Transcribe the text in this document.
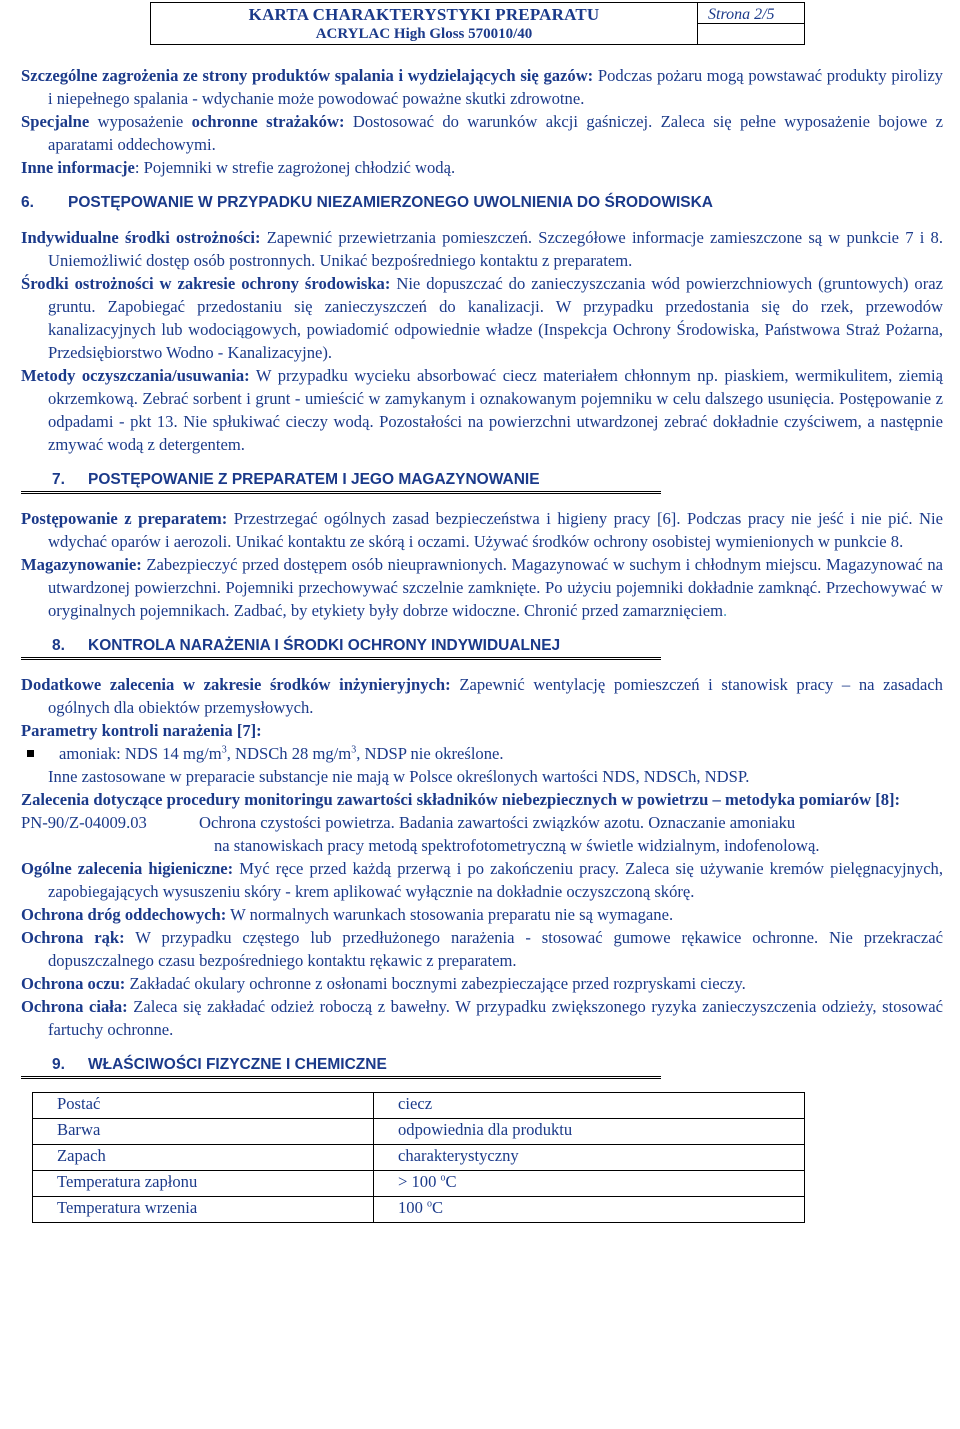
KARTA CHARAKTERYSTYKI PREPARATU
ACRYLAC High Gloss 570010/40
Strona 2/5

Szczególne zagrożenia ze strony produktów spalania i wydzielających się gazów: Podczas pożaru mogą powstawać produkty pirolizy i niepełnego spalania - wdychanie może powodować poważne skutki zdrowotne.

Specjalne wyposażenie ochronne strażaków: Dostosować do warunków akcji gaśniczej. Zaleca się pełne wyposażenie bojowe z aparatami oddechowymi.

Inne informacje: Pojemniki w strefie zagrożonej chłodzić wodą.

6. POSTĘPOWANIE W PRZYPADKU NIEZAMIERZONEGO UWOLNIENIA DO ŚRODOWISKA

Indywidualne środki ostrożności: Zapewnić przewietrzania pomieszczeń. Szczegółowe informacje zamieszczone są w punkcie 7 i 8. Uniemożliwić dostęp osób postronnych. Unikać bezpośredniego kontaktu z preparatem.

Środki ostrożności w zakresie ochrony środowiska: Nie dopuszczać do zanieczyszczania wód powierzchniowych (gruntowych) oraz gruntu. Zapobiegać przedostaniu się zanieczyszczeń do kanalizacji. W przypadku przedostania się do rzek, przewodów kanalizacyjnych lub wodociągowych, powiadomić odpowiednie władze (Inspekcja Ochrony Środowiska, Państwowa Straż Pożarna, Przedsiębiorstwo Wodno - Kanalizacyjne).

Metody oczyszczania/usuwania: W przypadku wycieku absorbować ciecz materiałem chłonnym np. piaskiem, wermikulitem, ziemią okrzemkową. Zebrać sorbent i grunt - umieścić w zamykanym i oznakowanym pojemniku w celu dalszego usunięcia. Postępowanie z odpadami - pkt 13. Nie spłukiwać cieczy wodą. Pozostałości na powierzchni utwardzonej zebrać dokładnie czyściwem, a następnie zmywać wodą z detergentem.

7. POSTĘPOWANIE Z PREPARATEM I JEGO MAGAZYNOWANIE

Postępowanie z preparatem: Przestrzegać ogólnych zasad bezpieczeństwa i higieny pracy [6]. Podczas pracy nie jeść i nie pić. Nie wdychać oparów i aerozoli. Unikać kontaktu ze skórą i oczami. Używać środków ochrony osobistej wymienionych w punkcie 8.

Magazynowanie: Zabezpieczyć przed dostępem osób nieuprawnionych. Magazynować w suchym i chłodnym miejscu. Magazynować na utwardzonej powierzchni. Pojemniki przechowywać szczelnie zamknięte. Po użyciu pojemniki dokładnie zamknąć. Przechowywać w oryginalnych pojemnikach. Zadbać, by etykiety były dobrze widoczne. Chronić przed zamarznięciem.

8. KONTROLA NARAŻENIA I ŚRODKI OCHRONY INDYWIDUALNEJ

Dodatkowe zalecenia w zakresie środków inżynieryjnych: Zapewnić wentylację pomieszczeń i stanowisk pracy – na zasadach ogólnych dla obiektów przemysłowych.

Parametry kontroli narażenia [7]:

amoniak: NDS 14 $mg/m^3$, NDSCh 28 $mg/m^3$, NDSP nie określone.

Inne zastosowane w preparacie substancje nie mają w Polsce określonych wartości NDS, NDSCh, NDSP.

Zalecenia dotyczące procedury monitoringu zawartości składników niebezpiecznych w powietrzu – metodyka pomiarów [8]:

PN-90/Z-04009.03	Ochrona czystości powietrza. Badania zawartości związków azotu. Oznaczanie amoniaku

na stanowiskach pracy metodą spektrofotometryczną w świetle widzialnym, indofenolową.

Ogólne zalecenia higieniczne: Myć ręce przed każdą przerwą i po zakończeniu pracy. Zaleca się używanie kremów pielęgnacyjnych, zapobiegających wysuszeniu skóry - krem aplikować wyłącznie na dokładnie oczyszczoną skórę.

Ochrona dróg oddechowych: W normalnych warunkach stosowania preparatu nie są wymagane.

Ochrona rąk: W przypadku częstego lub przedłużonego narażenia - stosować gumowe rękawice ochronne. Nie przekraczać dopuszczalnego czasu bezpośredniego kontaktu rękawic z preparatem.

Ochrona oczu: Zakładać okulary ochronne z osłonami bocznymi zabezpieczające przed rozpryskami cieczy.

Ochrona ciała: Zaleca się zakładać odzież roboczą z bawełny. W przypadku zwiększonego ryzyka zanieczyszczenia odzieży, stosować fartuchy ochronne.

9. WŁAŚCIWOŚCI FIZYCZNE I CHEMICZNE
Postać	ciecz
Barwa	odpowiednia dla produktu
Zapach	charakterystyczny
Temperatura zapłonu	> 100 $^o$C
Temperatura wrzenia	100 $^o$C
